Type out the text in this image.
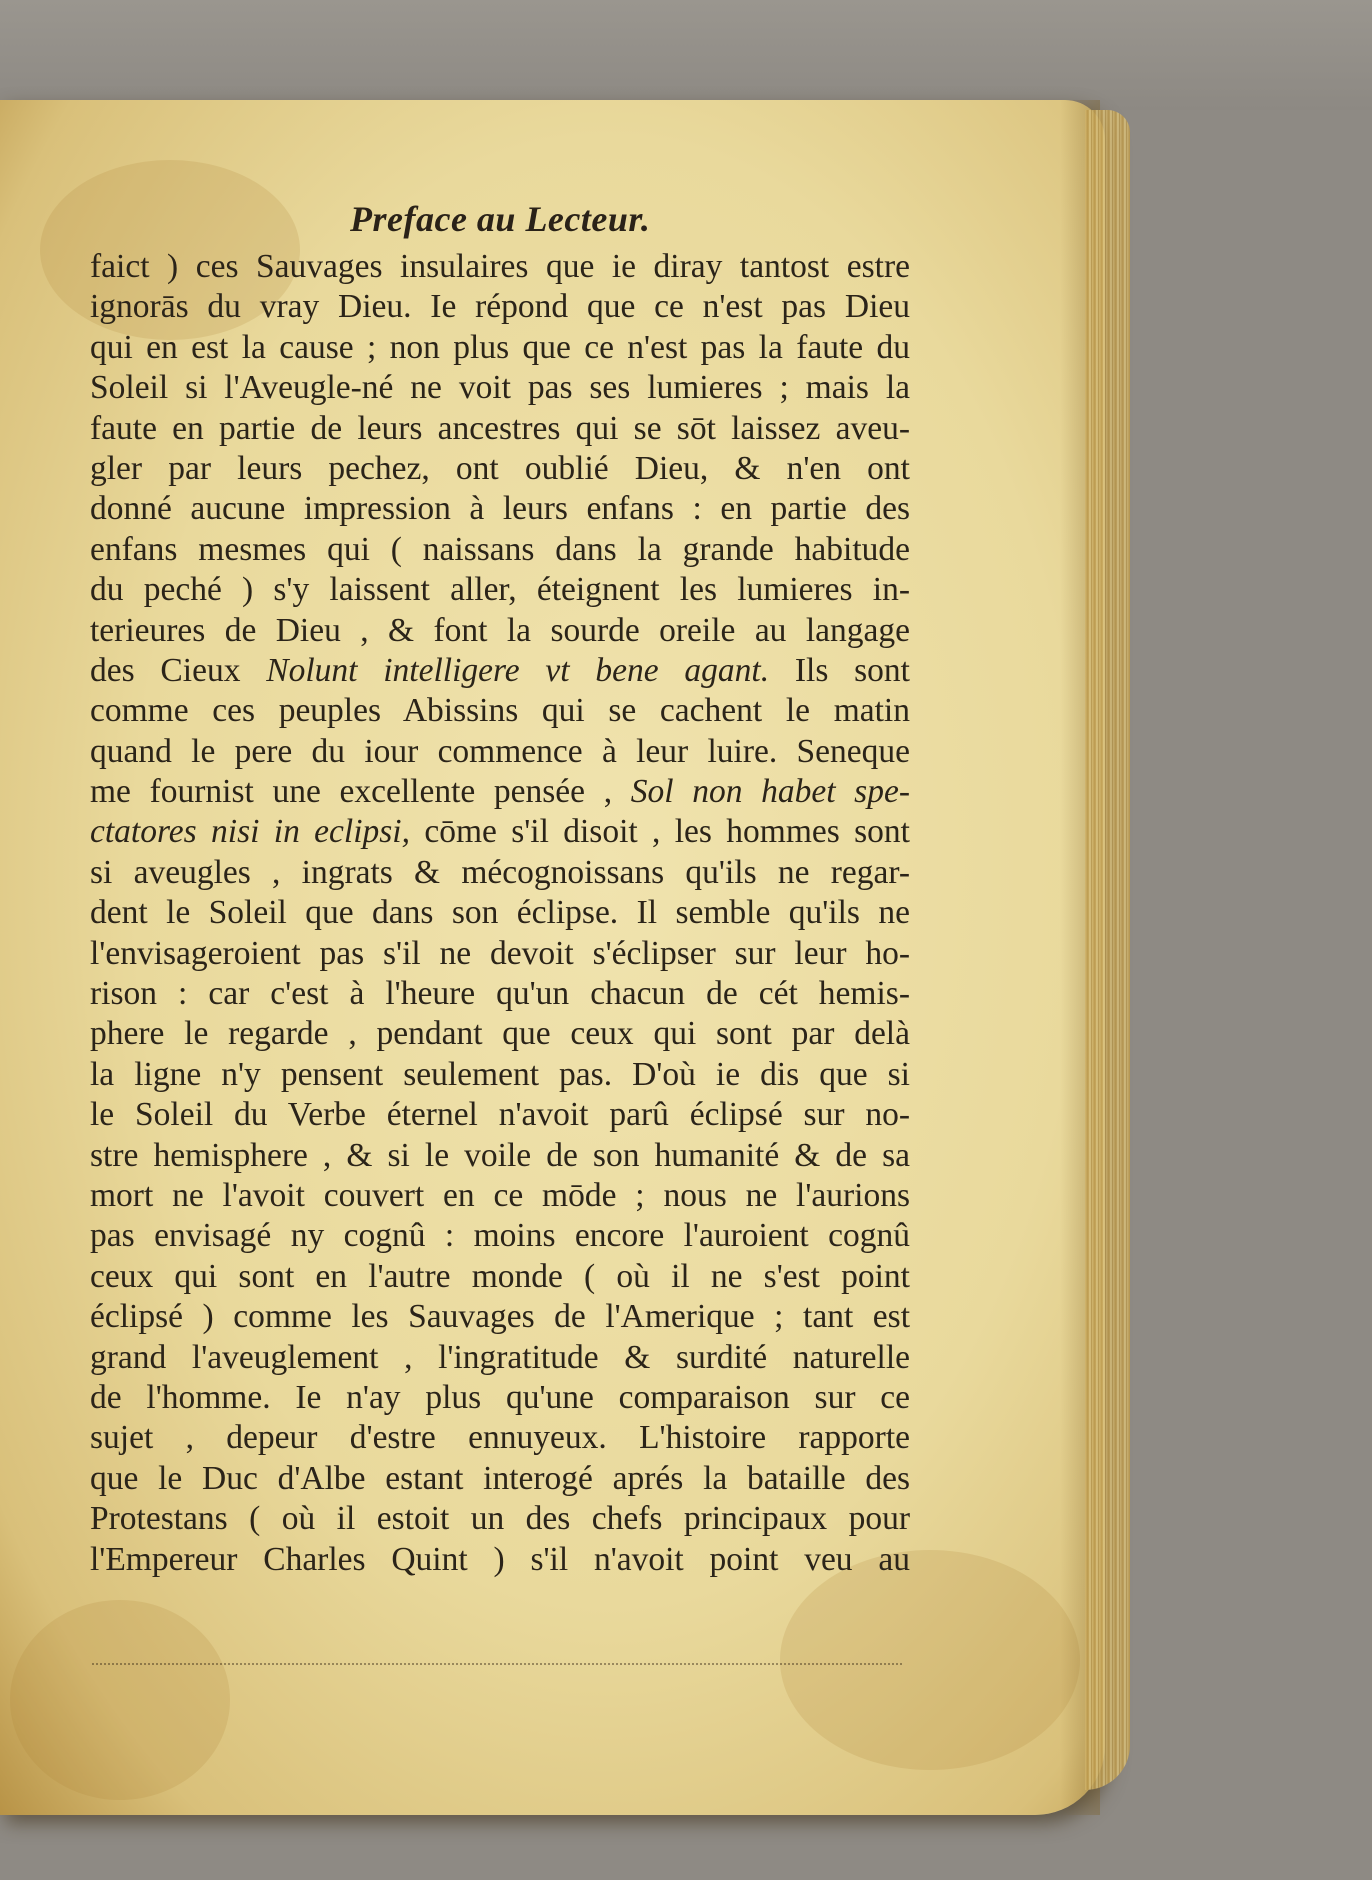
Preface au Lecteur.
faict ) ces Sauvages insulaires que ie diray tantost estre
ignorās du vray Dieu. Ie répond que ce n'est pas Dieu
qui en est la cause ; non plus que ce n'est pas la faute du
Soleil si l'Aveugle-né ne voit pas ses lumieres ; mais la
faute en partie de leurs ancestres qui se sōt laissez aveu-
gler par leurs pechez, ont oublié Dieu, & n'en ont
donné aucune impression à leurs enfans : en partie des
enfans mesmes qui ( naissans dans la grande habitude
du peché ) s'y laissent aller, éteignent les lumieres in-
terieures de Dieu , & font la sourde oreile au langage
des Cieux Nolunt intelligere vt bene agant. Ils sont
comme ces peuples Abissins qui se cachent le matin
quand le pere du iour commence à leur luire. Seneque
me fournist une excellente pensée , Sol non habet spe-
ctatores nisi in eclipsi, cōme s'il disoit , les hommes sont
si aveugles , ingrats & mécognoissans qu'ils ne regar-
dent le Soleil que dans son éclipse. Il semble qu'ils ne
l'envisageroient pas s'il ne devoit s'éclipser sur leur ho-
rison : car c'est à l'heure qu'un chacun de cét hemis-
phere le regarde , pendant que ceux qui sont par delà
la ligne n'y pensent seulement pas. D'où ie dis que si
le Soleil du Verbe éternel n'avoit parû éclipsé sur no-
stre hemisphere , & si le voile de son humanité & de sa
mort ne l'avoit couvert en ce mōde ; nous ne l'aurions
pas envisagé ny cognû : moins encore l'auroient cognû
ceux qui sont en l'autre monde ( où il ne s'est point
éclipsé ) comme les Sauvages de l'Amerique ; tant est
grand l'aveuglement , l'ingratitude & surdité naturelle
de l'homme. Ie n'ay plus qu'une comparaison sur ce
sujet , depeur d'estre ennuyeux. L'histoire rapporte
que le Duc d'Albe estant interogé aprés la bataille des
Protestans ( où il estoit un des chefs principaux pour
l'Empereur Charles Quint ) s'il n'avoit point veu au
